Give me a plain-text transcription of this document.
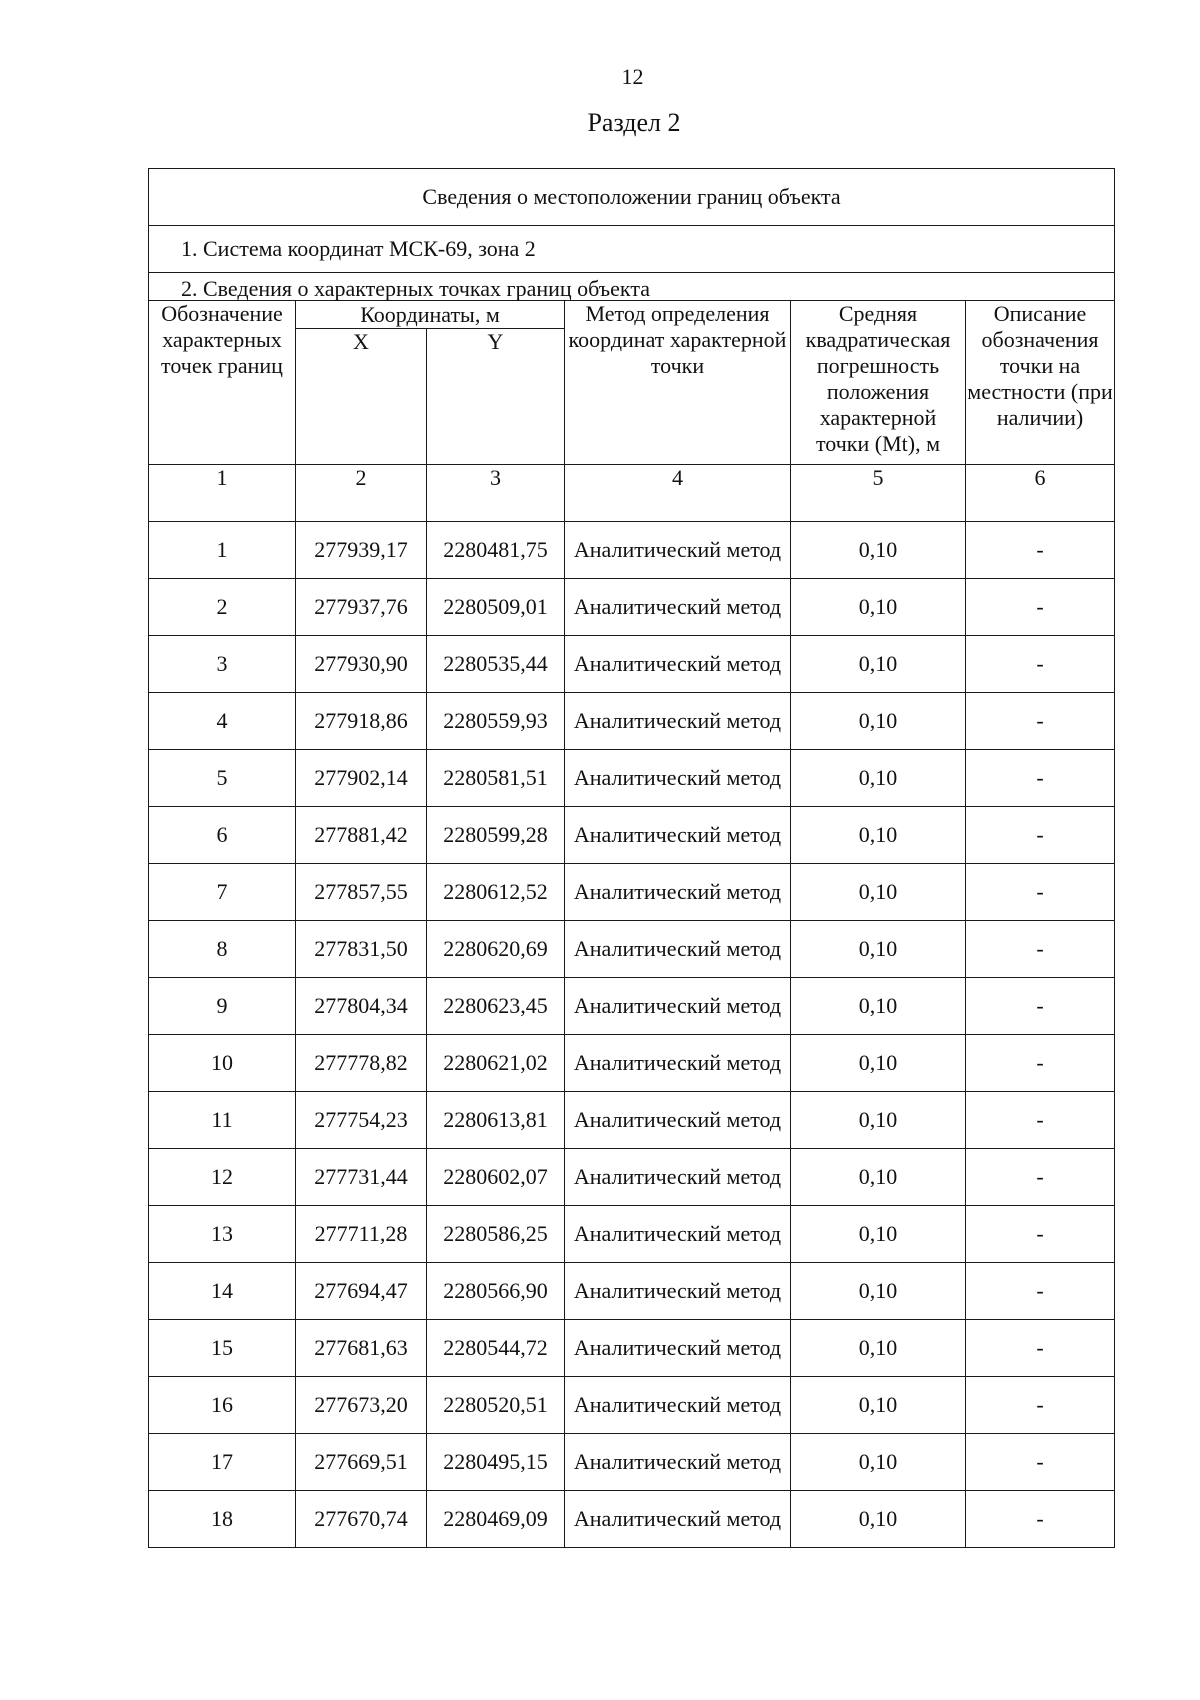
12
Раздел 2
Сведения о местоположении границ объекта					
1. Система координат МСК-69, зона 2					
2. Сведения о характерных точках границ объекта					
Обозначение характерных точек границ	Координаты, м		Метод определения координат характерной точки	Средняя квадратическая погрешность положения характерной точки (Mt), м	Описание обозначения точки на местности (при наличии)
	X	Y			
1	2	3	4	5	6
1	277939,17	2280481,75	Аналитический метод	0,10	-
2	277937,76	2280509,01	Аналитический метод	0,10	-
3	277930,90	2280535,44	Аналитический метод	0,10	-
4	277918,86	2280559,93	Аналитический метод	0,10	-
5	277902,14	2280581,51	Аналитический метод	0,10	-
6	277881,42	2280599,28	Аналитический метод	0,10	-
7	277857,55	2280612,52	Аналитический метод	0,10	-
8	277831,50	2280620,69	Аналитический метод	0,10	-
9	277804,34	2280623,45	Аналитический метод	0,10	-
10	277778,82	2280621,02	Аналитический метод	0,10	-
11	277754,23	2280613,81	Аналитический метод	0,10	-
12	277731,44	2280602,07	Аналитический метод	0,10	-
13	277711,28	2280586,25	Аналитический метод	0,10	-
14	277694,47	2280566,90	Аналитический метод	0,10	-
15	277681,63	2280544,72	Аналитический метод	0,10	-
16	277673,20	2280520,51	Аналитический метод	0,10	-
17	277669,51	2280495,15	Аналитический метод	0,10	-
18	277670,74	2280469,09	Аналитический метод	0,10	-
